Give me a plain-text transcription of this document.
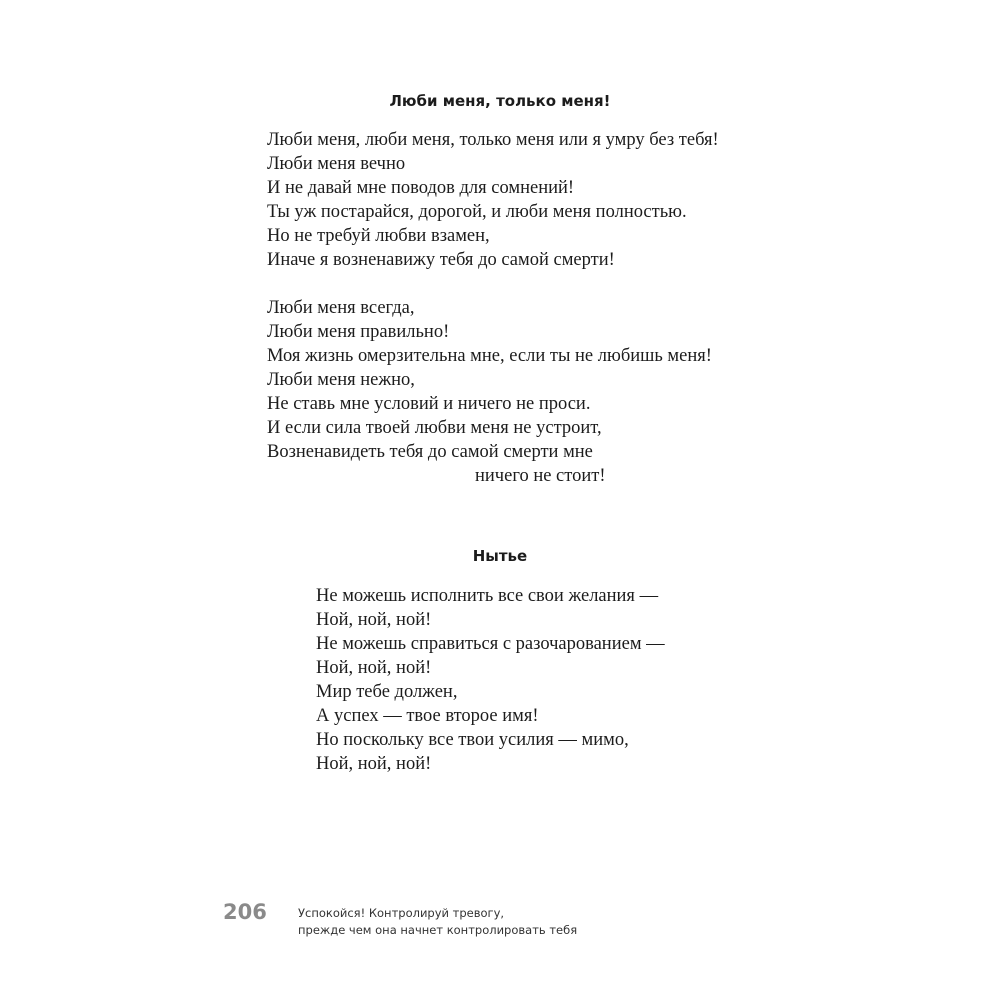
Люби меня, только меня!
Люби меня, люби меня, только меня или я умру без тебя!
Люби меня вечно
И не давай мне поводов для сомнений!
Ты уж постарайся, дорогой, и люби меня полностью.
Но не требуй любви взамен,
Иначе я возненавижу тебя до самой смерти!
Люби меня всегда,
Люби меня правильно!
Моя жизнь омерзительна мне, если ты не любишь меня!
Люби меня нежно,
Не ставь мне условий и ничего не проси.
И если сила твоей любви меня не устроит,
Возненавидеть тебя до самой смерти мне
ничего не стоит!
Нытье
Не можешь исполнить все свои желания —
Ной, ной, ной!
Не можешь справиться с разочарованием —
Ной, ной, ной!
Мир тебе должен,
А успех — твое второе имя!
Но поскольку все твои усилия — мимо,
Ной, ной, ной!
206	Успокойся! Контролируй тревогу,
прежде чем она начнет контролировать тебя
